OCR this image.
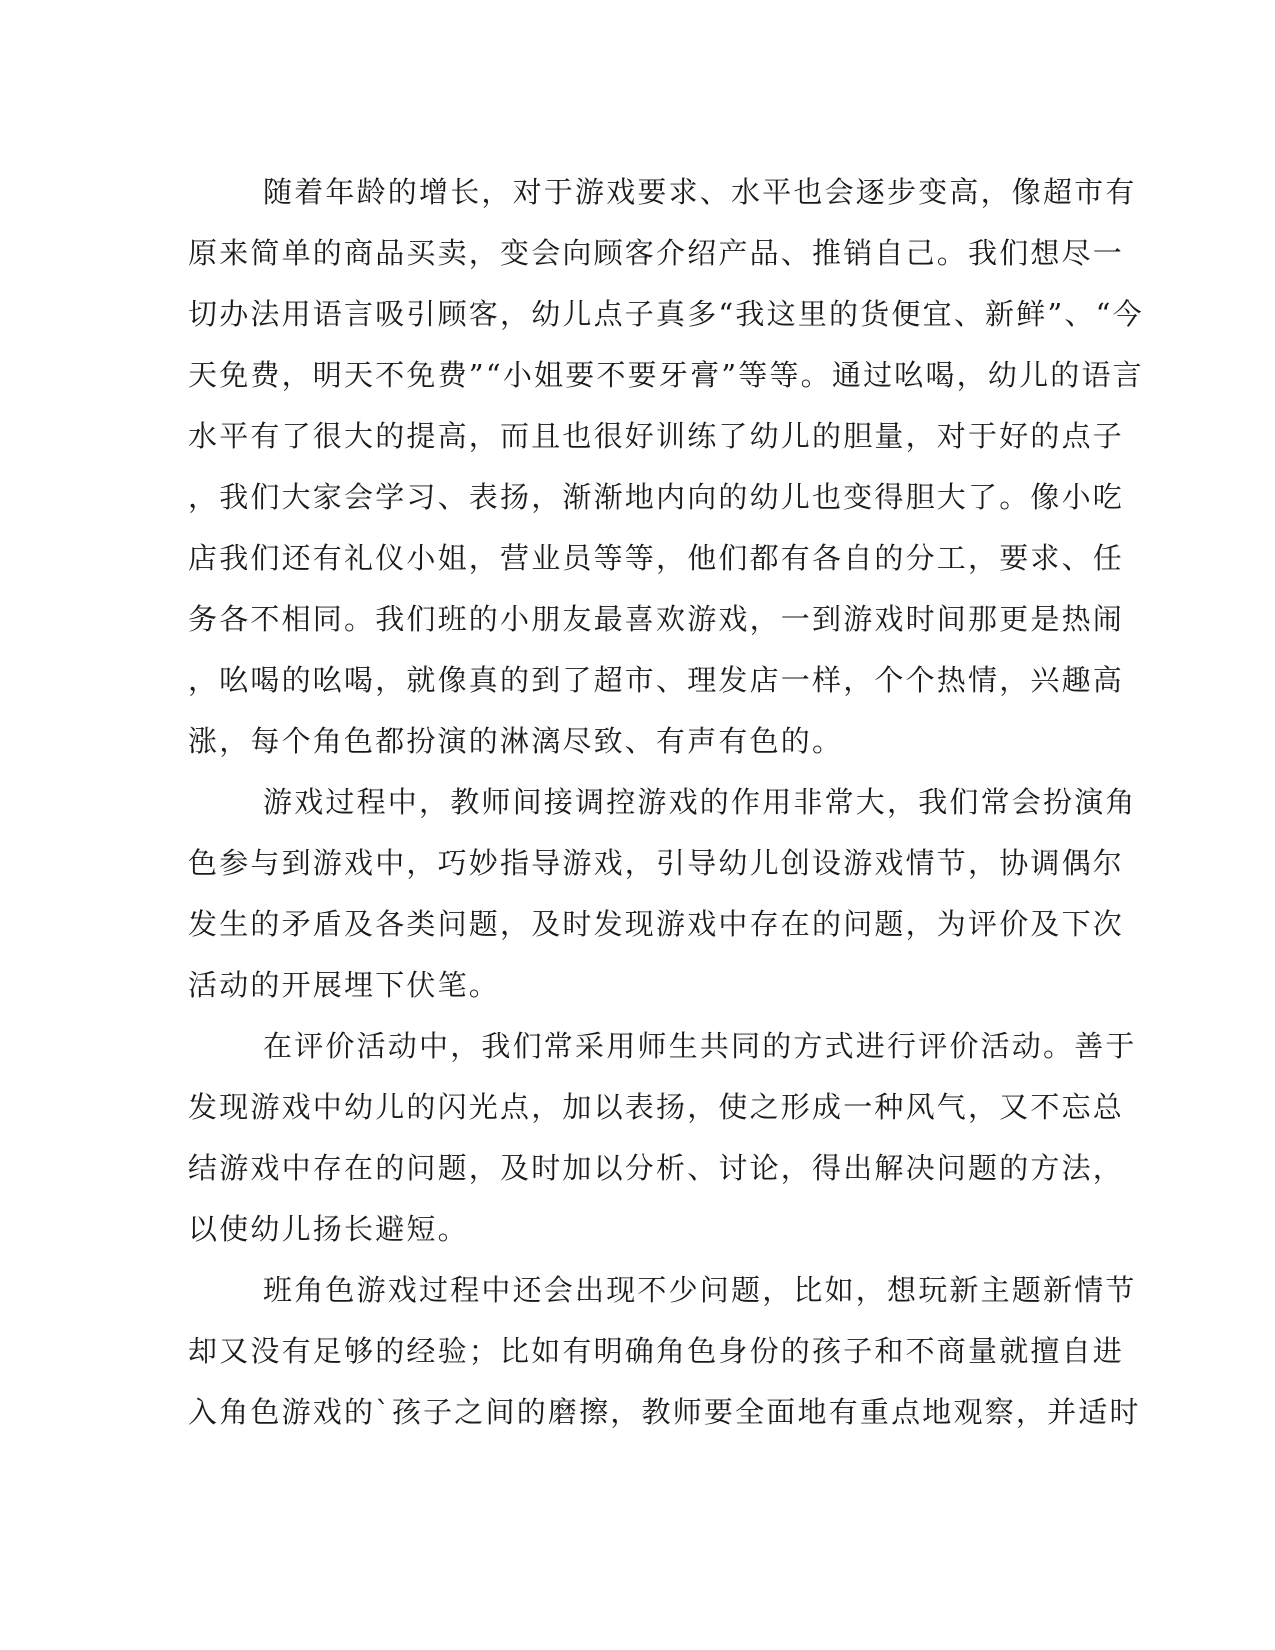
随着年龄的增长，对于游戏要求、水平也会逐步变高，像超市有
原来简单的商品买卖，变会向顾客介绍产品、推销自己。我们想尽一
切办法用语言吸引顾客，幼儿点子真多“我这里的货便宜、新鲜”、“今
天免费，明天不免费”“小姐要不要牙膏”等等。通过吆喝，幼儿的语言
水平有了很大的提高，而且也很好训练了幼儿的胆量，对于好的点子
，我们大家会学习、表扬，渐渐地内向的幼儿也变得胆大了。像小吃
店我们还有礼仪小姐，营业员等等，他们都有各自的分工，要求、任
务各不相同。我们班的小朋友最喜欢游戏，一到游戏时间那更是热闹
，吆喝的吆喝，就像真的到了超市、理发店一样，个个热情，兴趣高
涨，每个角色都扮演的淋漓尽致、有声有色的。
游戏过程中，教师间接调控游戏的作用非常大，我们常会扮演角
色参与到游戏中，巧妙指导游戏，引导幼儿创设游戏情节，协调偶尔
发生的矛盾及各类问题，及时发现游戏中存在的问题，为评价及下次
活动的开展埋下伏笔。
在评价活动中，我们常采用师生共同的方式进行评价活动。善于
发现游戏中幼儿的闪光点，加以表扬，使之形成一种风气，又不忘总
结游戏中存在的问题，及时加以分析、讨论，得出解决问题的方法，
以使幼儿扬长避短。
班角色游戏过程中还会出现不少问题，比如，想玩新主题新情节
却又没有足够的经验；比如有明确角色身份的孩子和不商量就擅自进
入角色游戏的`孩子之间的磨擦，教师要全面地有重点地观察，并适时
